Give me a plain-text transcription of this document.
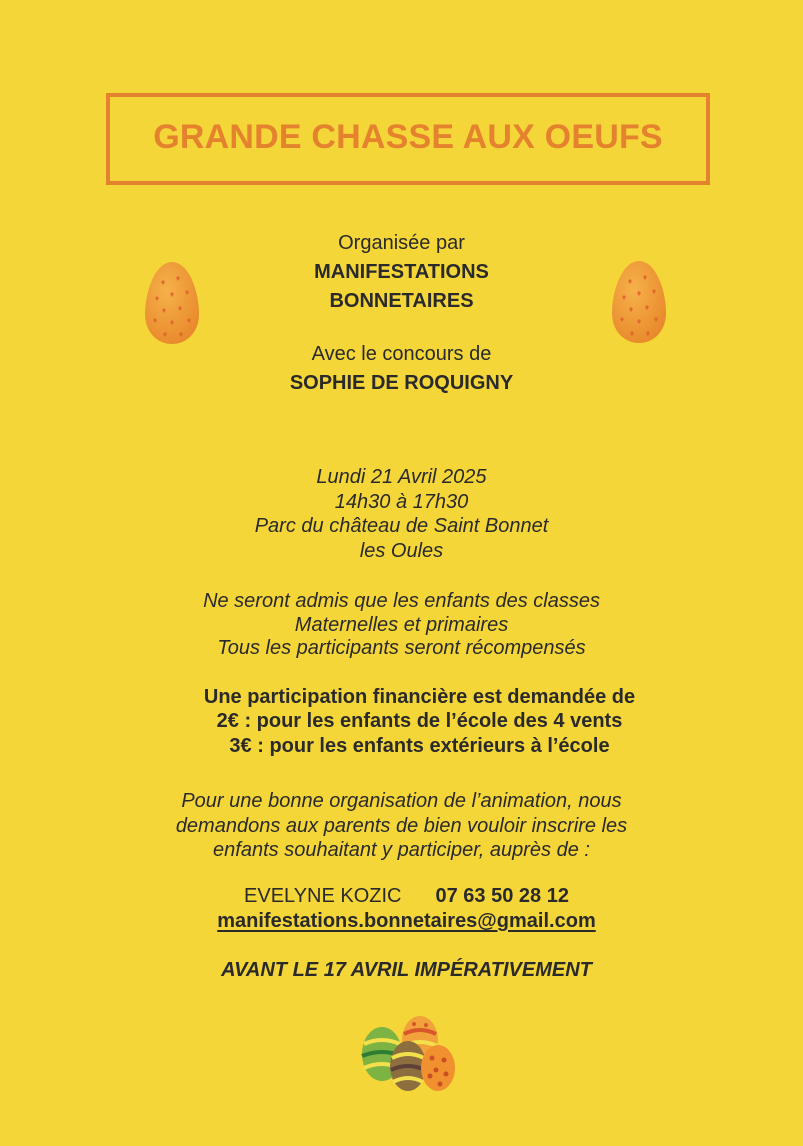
GRANDE CHASSE AUX OEUFS
Organisée par
MANIFESTATIONS
BONNETAIRES
Avec le concours de
SOPHIE DE ROQUIGNY
Lundi 21 Avril 2025
14h30 à 17h30
Parc du château de Saint Bonnet
les Oules
Ne seront admis que les enfants des classes
Maternelles et primaires
Tous les participants seront récompensés
Une participation financière est demandée de
2€ : pour les enfants de l’école des 4 vents
3€ : pour les enfants extérieurs à l’école
Pour une bonne organisation de l’animation, nous
demandons aux parents de bien vouloir inscrire les
enfants souhaitant y participer, auprès de :
EVELYNE KOZIC 07 63 50 28 12
manifestations.bonnetaires@gmail.com
AVANT LE 17 AVRIL IMPÉRATIVEMENT
